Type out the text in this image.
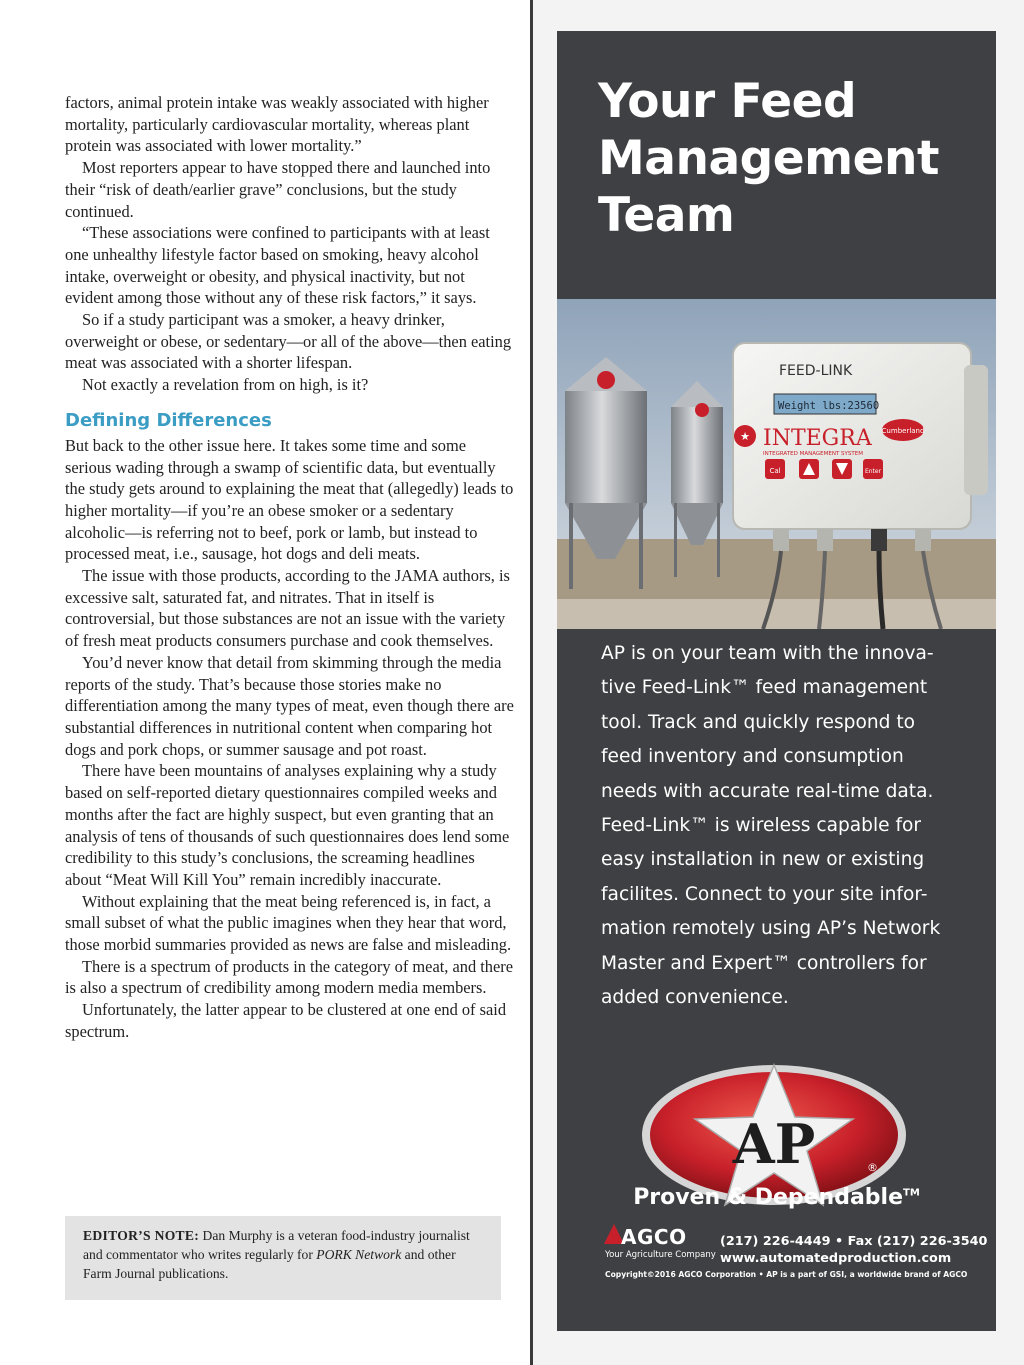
factors, animal protein intake was weakly associated with higher mortality, particularly cardiovascular mortality, whereas plant protein was associated with lower mortality.”

Most reporters appear to have stopped there and launched into their “risk of death/earlier grave” conclusions, but the study continued.

“These associations were confined to participants with at least one unhealthy lifestyle factor based on smoking, heavy alcohol intake, overweight or obesity, and physical inactivity, but not evident among those without any of these risk factors,” it says.

So if a study participant was a smoker, a heavy drinker, overweight or obese, or sedentary—or all of the above—then eating meat was associated with a shorter lifespan.

Not exactly a revelation from on high, is it?

Defining Differences

But back to the other issue here. It takes some time and some serious wading through a swamp of scientific data, but eventually the study gets around to explaining the meat that (allegedly) leads to higher mortality—if you’re an obese smoker or a sedentary alcoholic—is referring not to beef, pork or lamb, but instead to processed meat, i.e., sausage, hot dogs and deli meats.

The issue with those products, according to the JAMA authors, is excessive salt, saturated fat, and nitrates. That in itself is controversial, but those substances are not an issue with the variety of fresh meat products consumers purchase and cook themselves.

You’d never know that detail from skimming through the media reports of the study. That’s because those stories make no differentiation among the many types of meat, even though there are substantial differences in nutritional content when comparing hot dogs and pork chops, or summer sausage and pot roast.

There have been mountains of analyses explaining why a study based on self-reported dietary questionnaires compiled weeks and months after the fact are highly suspect, but even granting that an analysis of tens of thousands of such questionnaires does lend some credibility to this study’s conclusions, the screaming headlines about “Meat Will Kill You” remain incredibly inaccurate.

Without explaining that the meat being referenced is, in fact, a small subset of what the public imagines when they hear that word, those morbid summaries provided as news are false and misleading.

There is a spectrum of products in the category of meat, and there is also a spectrum of credibility among modern media members.

Unfortunately, the latter appear to be clustered at one end of said spectrum.

EDITOR’S NOTE: Dan Murphy is a veteran food-industry journalist and commentator who writes regularly for PORK Network and other Farm Journal publications.
Your Feed
Management
Team
FEED-LINK
Weight lbs:23560
★ INTEGRA
INTEGRATED MANAGEMENT SYSTEM
Cumberland
Cal	Enter
AP is on your team with the innova-
tive Feed-Link™ feed management
tool. Track and quickly respond to
feed inventory and consumption
needs with accurate real-time data.
Feed-Link™ is wireless capable for
easy installation in new or existing
facilites. Connect to your site infor-
mation remotely using AP’s Network
Master and Expert™ controllers for
added convenience.
AP	®
Proven & Dependable™
AGCO
Your Agriculture Company
(217) 226-4449 • Fax (217) 226-3540
www.automatedproduction.com
Copyright©2016 AGCO Corporation • AP is a part of GSI, a worldwide brand of AGCO
